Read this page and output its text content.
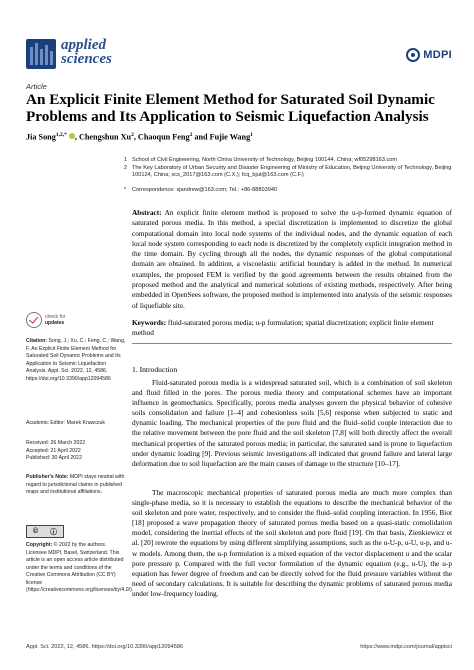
applied
sciences	MDPI
Article
An Explicit Finite Element Method for Saturated Soil Dynamic
Problems and Its Application to Seismic Liquefaction Analysis
Jia Song$^{1,2,*}$ , Chengshun Xu$^2$, Chaoqun Feng$^2$ and Fujie Wang$^1$
1 School of Civil Engineering, North China University of Technology, Beijing 100144, China; wf05298163.com
2 The Key Laboratory of Urban Security and Disaster Engineering of Ministry of Education, Beijing University of Technology, Beijing 100124, China; xcs_2017@163.com (C.X.); fcq_bjut@163.com (C.F.)
* Correspondence: sjandrew@163.com; Tel.: +86-88803940
Abstract: An explicit finite element method is proposed to solve the u-p-formed dynamic equation of saturated porous media. In this method, a special discretization is implemented to discretize the global computational domain into local node systems of the individual nodes, and the dynamic equation of each local node system corresponding to each node is discretized by the completely explicit integration method in the time domain. By cycling through all the nodes, the dynamic responses of the global computational domain are obtained. In addition, a viscoelastic artificial boundary is added in the method. In numerical examples, the proposed FEM is verified by the good agreements between the results obtained from the proposed method and the analytical and numerical solutions of existing methods, respectively. After being embedded in OpenSees software, the proposed method is implemented into analysis of the seismic responses of liquefiable site.
Keywords: fluid-saturated porous media; u-p formulation; spatial discretization; explicit finite element method
check for
updates
Citation: Song, J.; Xu, C.; Feng, C.; Wang, F. An Explicit Finite Element Method for Saturated Soil Dynamic Problems and Its Application to Seismic Liquefaction Analysis. Appl. Sci. 2022, 12, 4586. https://doi.org/10.3390/app12094586
Academic Editor: Marek Krawczuk
Received: 26 March 2022
Accepted: 21 April 2022
Published: 30 April 2022
Publisher's Note: MDPI stays neutral with regard to jurisdictional claims in published maps and institutional affiliations.
© ⓘ
Copyright: © 2022 by the authors. Licensee MDPI, Basel, Switzerland. This article is an open access article distributed under the terms and conditions of the Creative Commons Attribution (CC BY) license (https://creativecommons.org/licenses/by/4.0/).
1. Introduction

Fluid-saturated porous media is a widespread saturated soil, which is a combination of soil skeleton and fluid filled in the pores. The porous media theory and computational schemes have an important influence in geomechanics. Specifically, porous media analyses govern the physical behavior of cohesive soils consolidation and failure [1–4] and cohesionless soils [5,6] response when subjected to static and dynamic loading. The mechanical properties of the pore fluid and the fluid–solid couple interaction due to the relative movement between the pore fluid and the soil skeleton [7,8] will both directly affect the overall mechanical properties of the saturated porous media; in particular, the saturated sand is prone to liquefaction under dynamic loading [9]. Previous seismic investigations all indicated that ground failure and lateral large deformation due to soil liquefaction are the main causes of damage to the structure [10–17].

The macroscopic mechanical properties of saturated porous media are much more complex than single-phase media, so it is necessary to establish the equations to describe the mechanical behavior of the soil skeleton and pore water, respectively, and to consider the fluid–solid coupling interaction. In 1956, Biot [18] proposed a wave propagation theory of saturated porous media based on a quasi-static consolidation model, considering the inertial effects of the soil skeleton and pore fluid [19]. On that basis, Zienkiewicz et al. [20] rewrote the equations by using different simplifying assumptions, such as the u-U-p, u-U, u-p, and u-w models. Among them, the u-p formulation is a mixed equation of the vector displacement u and the scalar pore pressure p. Compared with the full vector formulation of the dynamic equation (e.g., u-U), the u-p equation has fewer degree of freedom and can be directly solved for the fluid pressure variables without the need of secondary calculations. It is suitable for describing the dynamic problems of saturated porous media under low-frequency loading.

Appl. Sci. 2022, 12, 4586. https://doi.org/10.3390/app12094586	https://www.mdpi.com/journal/applsci
